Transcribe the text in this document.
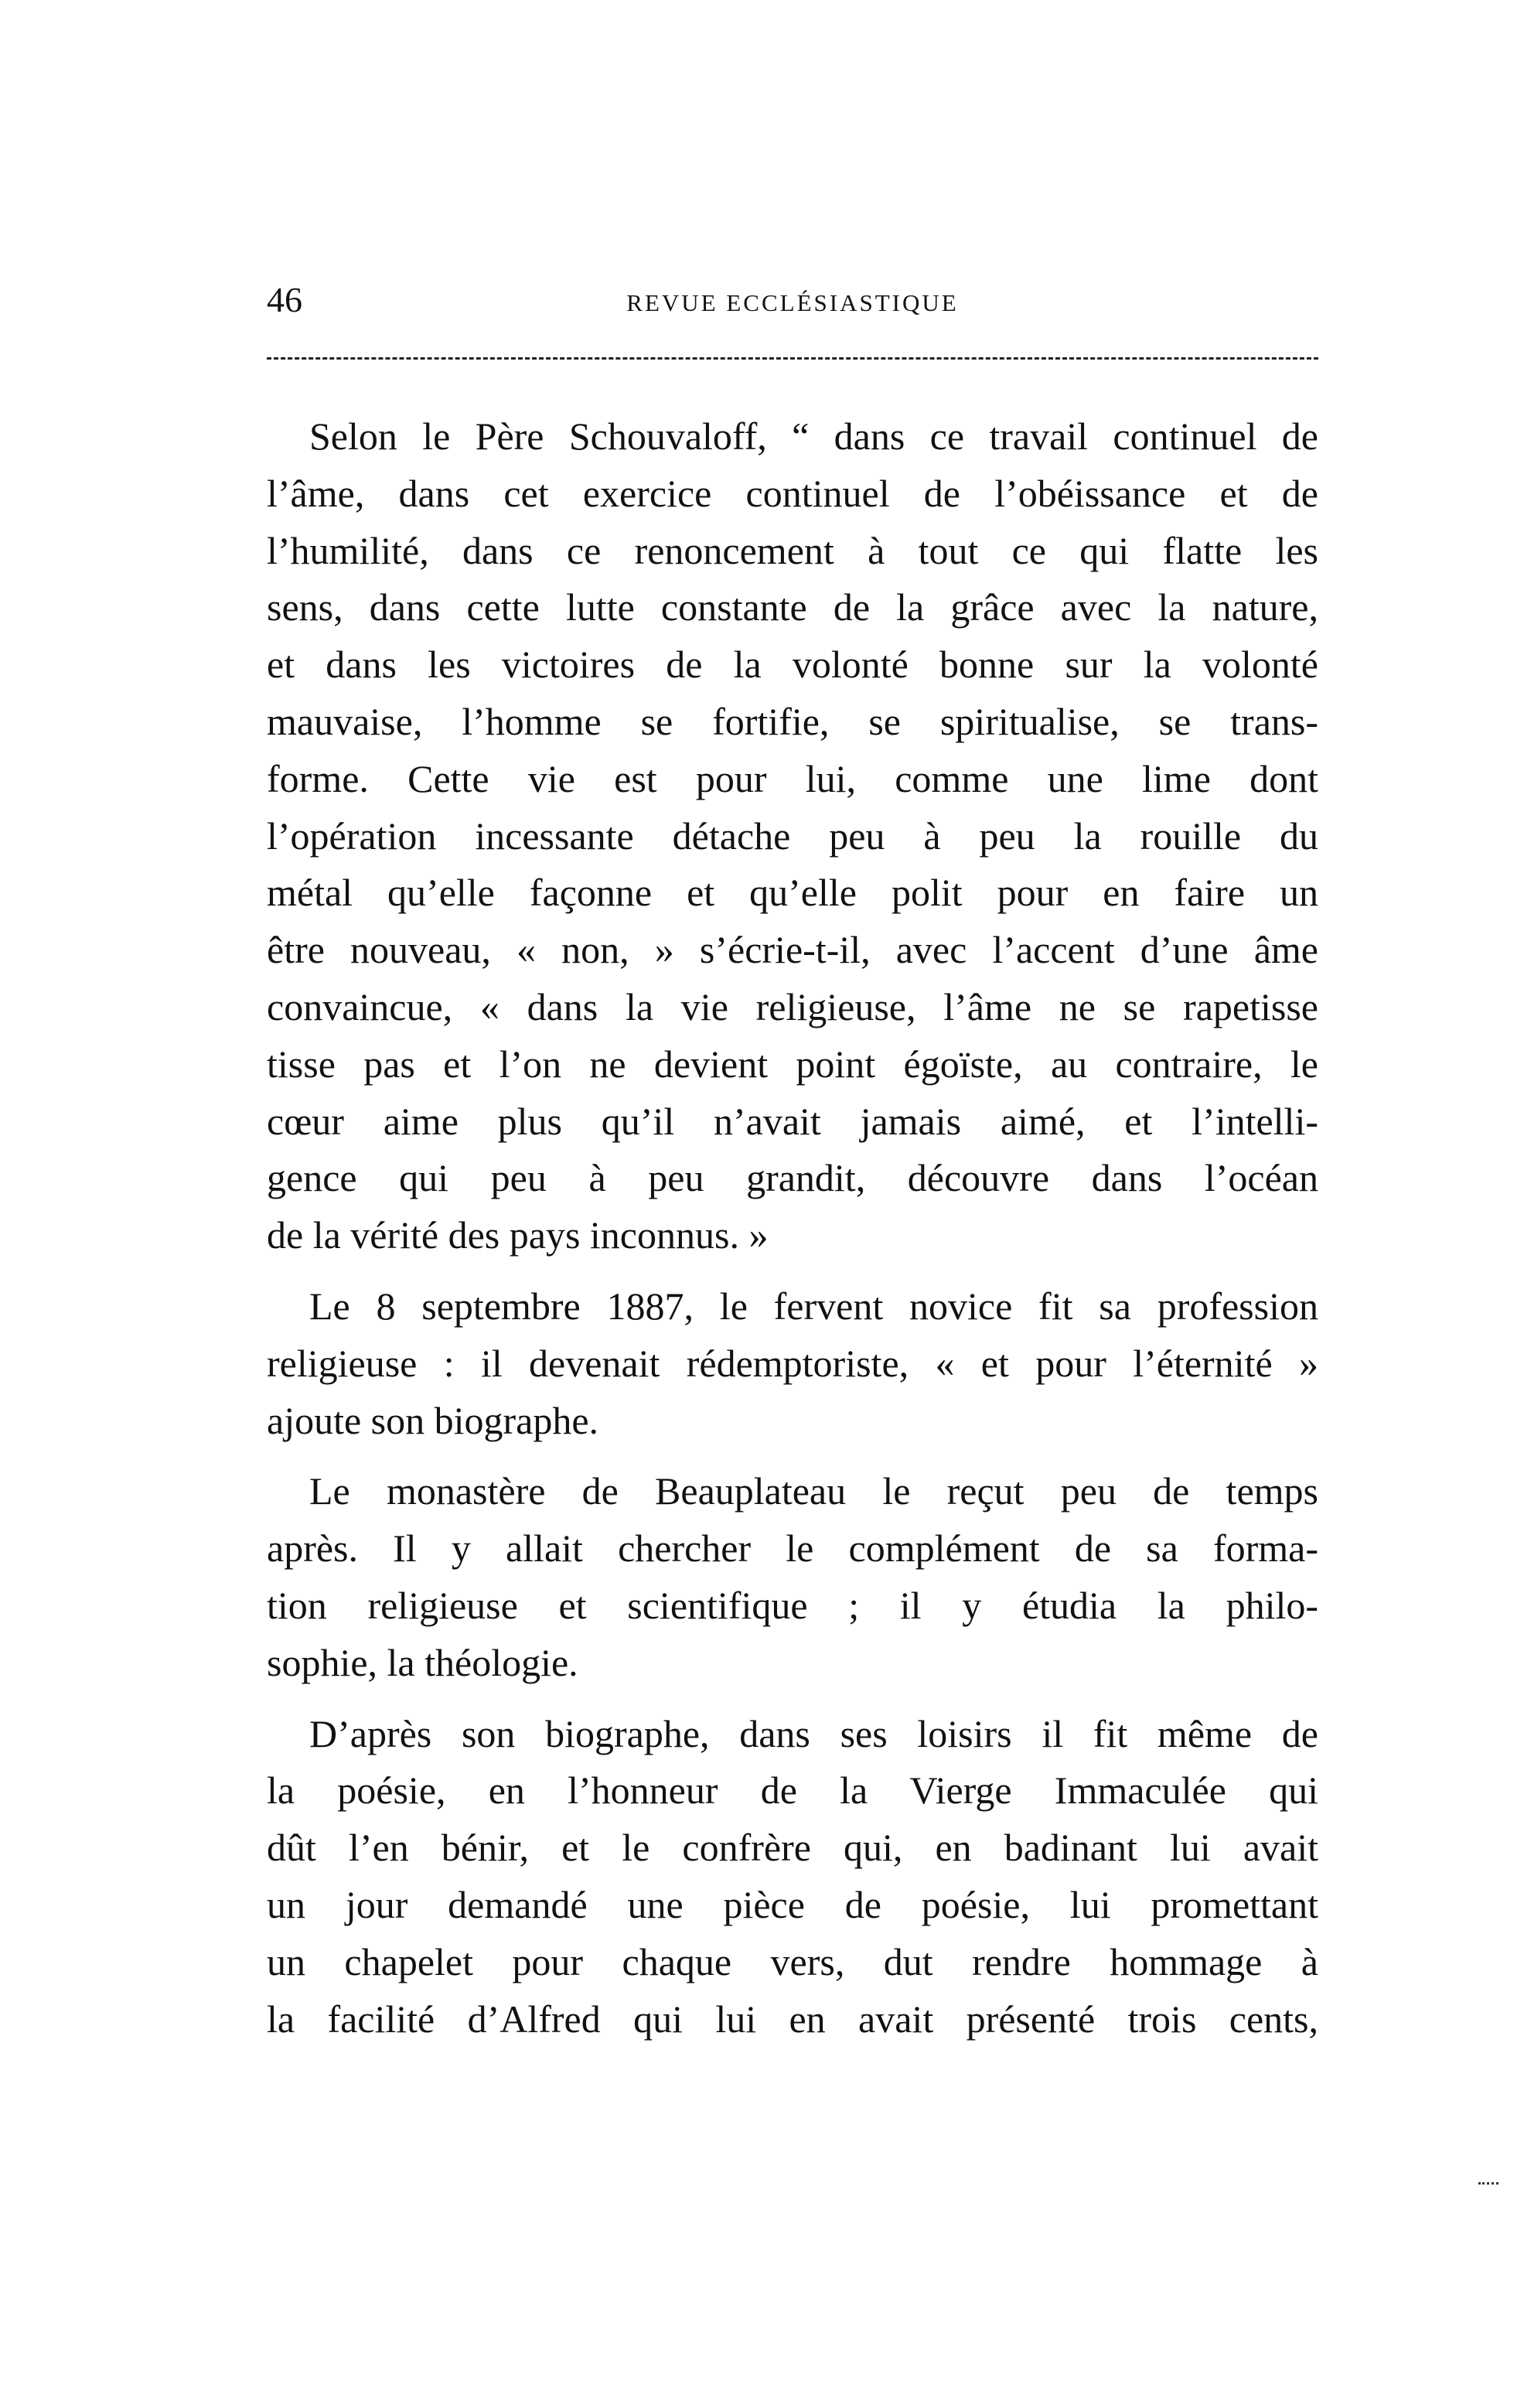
46	REVUE ECCLÉSIASTIQUE
Selon le Père Schouvaloff, “ dans ce travail continuel de
l’âme, dans cet exercice continuel de l’obéissance et de
l’humilité, dans ce renoncement à tout ce qui flatte les
sens, dans cette lutte constante de la grâce avec la nature,
et dans les victoires de la volonté bonne sur la volonté
mauvaise, l’homme se fortifie, se spiritualise, se trans-
forme. Cette vie est pour lui, comme une lime dont
l’opération incessante détache peu à peu la rouille du
métal qu’elle façonne et qu’elle polit pour en faire un
être nouveau, « non, » s’écrie-t-il, avec l’accent d’une âme
convaincue, « dans la vie religieuse, l’âme ne se rapetisse
tisse pas et l’on ne devient point égoïste, au contraire, le
cœur aime plus qu’il n’avait jamais aimé, et l’intelli-
gence qui peu à peu grandit, découvre dans l’océan
de la vérité des pays inconnus. »
Le 8 septembre 1887, le fervent novice fit sa profession
religieuse : il devenait rédemptoriste, « et pour l’éternité »
ajoute son biographe.
Le monastère de Beauplateau le reçut peu de temps
après. Il y allait chercher le complément de sa forma-
tion religieuse et scientifique ; il y étudia la philo-
sophie, la théologie.
D’après son biographe, dans ses loisirs il fit même de
la poésie, en l’honneur de la Vierge Immaculée qui
dût l’en bénir, et le confrère qui, en badinant lui avait
un jour demandé une pièce de poésie, lui promettant
un chapelet pour chaque vers, dut rendre hommage à
la facilité d’Alfred qui lui en avait présenté trois cents,
